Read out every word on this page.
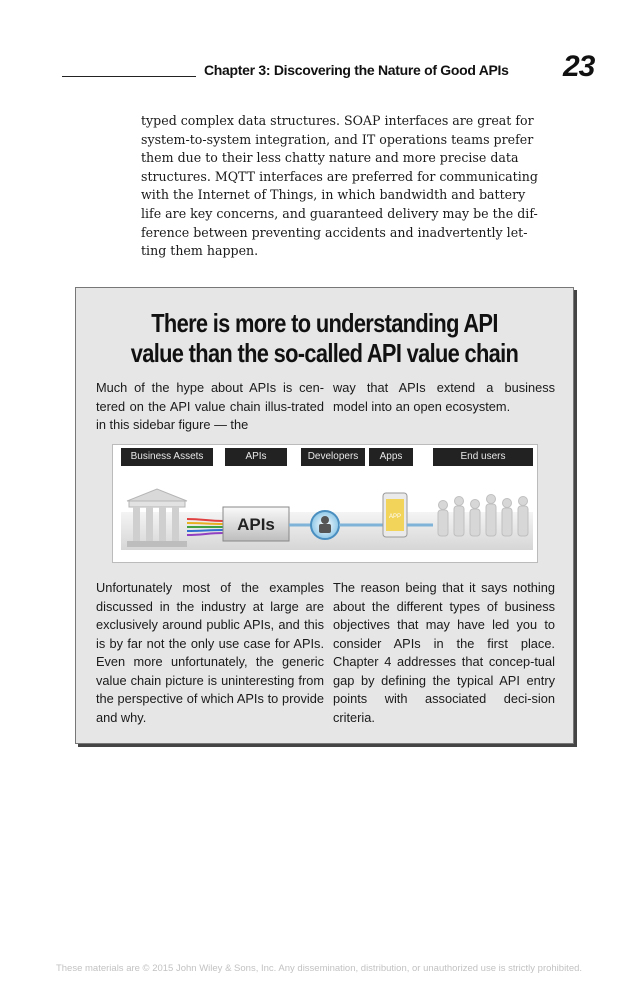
Chapter 3: Discovering the Nature of Good APIs 23
typed complex data structures. SOAP interfaces are great for
system-to-system integration, and IT operations teams prefer
them due to their less chatty nature and more precise data
structures. MQTT interfaces are preferred for communicating
with the Internet of Things, in which bandwidth and battery
life are key concerns, and guaranteed delivery may be the dif-
ference between preventing accidents and inadvertently let-
ting them happen.
There is more to understanding API
value than the so-called API value chain

Much of the hype about APIs is cen-tered on the API value chain illus-trated in this sidebar figure — the

way that APIs extend a business model into an open ecosystem.

Business Assets	APIs	Developers	Apps	End users
APIs	APP

Unfortunately most of the examples discussed in the industry at large are exclusively around public APIs, and this is by far not the only use case for APIs. Even more unfortunately, the generic value chain picture is uninteresting from the perspective of which APIs to provide and why.

The reason being that it says nothing about the different types of business objectives that may have led you to consider APIs in the first place. Chapter 4 addresses that concep-tual gap by defining the typical API entry points with associated deci-sion criteria.

These materials are © 2015 John Wiley & Sons, Inc. Any dissemination, distribution, or unauthorized use is strictly prohibited.
